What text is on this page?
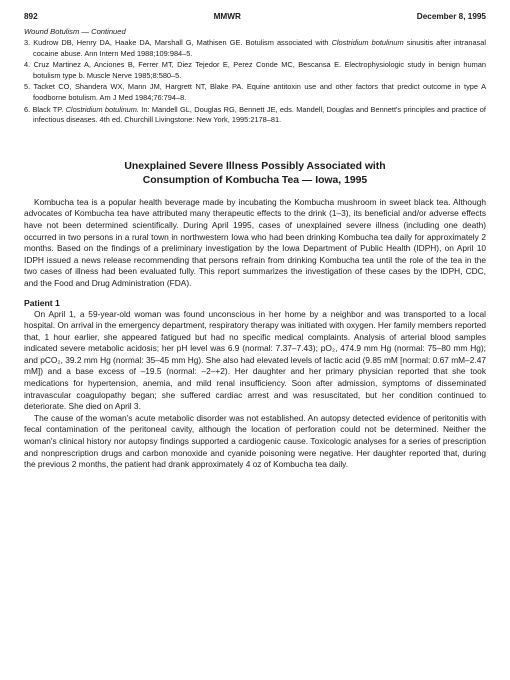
892	MMWR	December 8, 1995
Wound Botulism — Continued
3. Kudrow DB, Henry DA, Haake DA, Marshall G, Mathisen GE. Botulism associated with Clostridium botulinum sinusitis after intranasal cocaine abuse. Ann Intern Med 1988;109:984–5.
4. Cruz Martinez A, Anciones B, Ferrer MT, Diez Tejedor E, Perez Conde MC, Bescansa E. Electrophysiologic study in benign human botulism type b. Muscle Nerve 1985;8:580–5.
5. Tacket CO, Shandera WX, Mann JM, Hargrett NT, Blake PA. Equine antitoxin use and other factors that predict outcome in type A foodborne botulism. Am J Med 1984;76:794–8.
6. Black TP. Clostridium botulinum. In: Mandell GL, Douglas RG, Bennett JE, eds. Mandell, Douglas and Bennett's principles and practice of infectious diseases. 4th ed. Churchill Livingstone: New York, 1995:2178–81.
Unexplained Severe Illness Possibly Associated with
Consumption of Kombucha Tea — Iowa, 1995

Kombucha tea is a popular health beverage made by incubating the Kombucha mushroom in sweet black tea. Although advocates of Kombucha tea have attributed many therapeutic effects to the drink (1–3), its beneficial and/or adverse effects have not been determined scientifically. During April 1995, cases of unexplained severe illness (including one death) occurred in two persons in a rural town in northwestern Iowa who had been drinking Kombucha tea daily for approximately 2 months. Based on the findings of a preliminary investigation by the Iowa Department of Public Health (IDPH), on April 10 IDPH issued a news release recommending that persons refrain from drinking Kombucha tea until the role of the tea in the two cases of illness had been evaluated fully. This report summarizes the investigation of these cases by the IDPH, CDC, and the Food and Drug Administration (FDA).

Patient 1

On April 1, a 59-year-old woman was found unconscious in her home by a neighbor and was transported to a local hospital. On arrival in the emergency department, respiratory therapy was initiated with oxygen. Her family members reported that, 1 hour earlier, she appeared fatigued but had no specific medical complaints. Analysis of arterial blood samples indicated severe metabolic acidosis; her pH level was 6.9 (normal: 7.37–7.43); pO₂, 474.9 mm Hg (normal: 75–80 mm Hg); and pCO₂, 39.2 mm Hg (normal: 35–45 mm Hg). She also had elevated levels of lactic acid (9.85 mM [normal: 0.67 mM–2.47 mM]) and a base excess of –19.5 (normal: –2–+2). Her daughter and her primary physician reported that she took medications for hypertension, anemia, and mild renal insufficiency. Soon after admission, symptoms of disseminated intravascular coagulopathy began; she suffered cardiac arrest and was resuscitated, but her condition continued to deteriorate. She died on April 3.

The cause of the woman's acute metabolic disorder was not established. An autopsy detected evidence of peritonitis with fecal contamination of the peritoneal cavity, although the location of perforation could not be determined. Neither the woman's clinical history nor autopsy findings supported a cardiogenic cause. Toxicologic analyses for a series of prescription and nonprescription drugs and carbon monoxide and cyanide poisoning were negative. Her daughter reported that, during the previous 2 months, the patient had drank approximately 4 oz of Kombucha tea daily.
